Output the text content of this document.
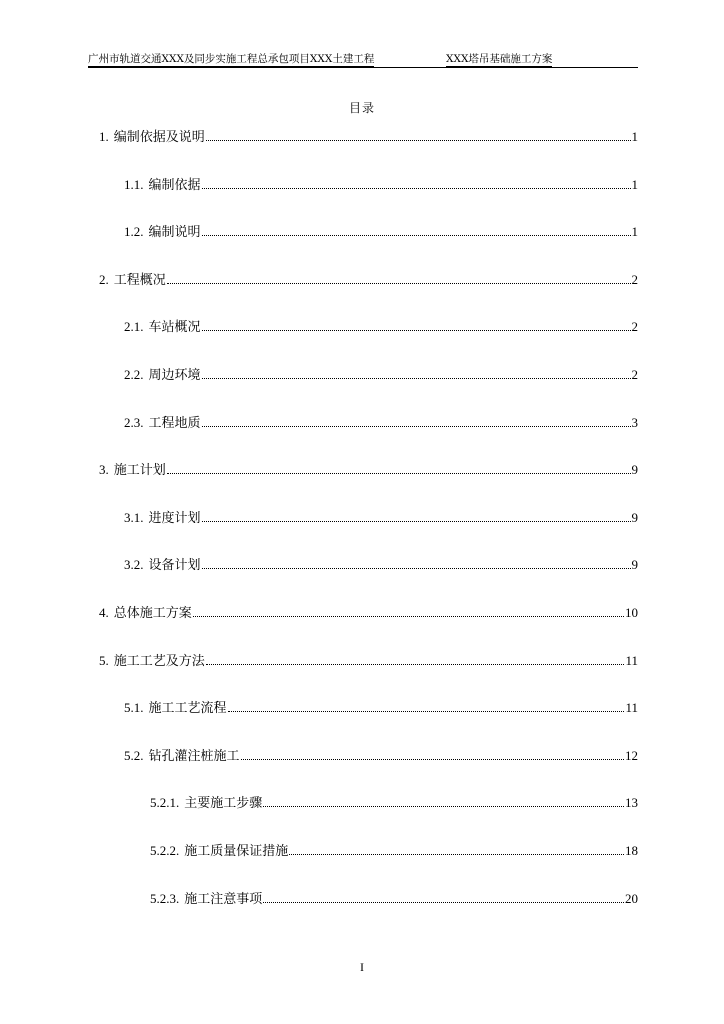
广州市轨道交通XXX及同步实施工程总承包项目XXX土建工程	XXX塔吊基础施工方案
目录
1. 编制依据及说明	1
1.1. 编制依据	1
1.2. 编制说明	1
2. 工程概况	2
2.1. 车站概况	2
2.2. 周边环境	2
2.3. 工程地质	3
3. 施工计划	9
3.1. 进度计划	9
3.2. 设备计划	9
4. 总体施工方案	10
5. 施工工艺及方法	11
5.1. 施工工艺流程	11
5.2. 钻孔灌注桩施工	12
5.2.1. 主要施工步骤	13
5.2.2. 施工质量保证措施	18
5.2.3. 施工注意事项	20
I
